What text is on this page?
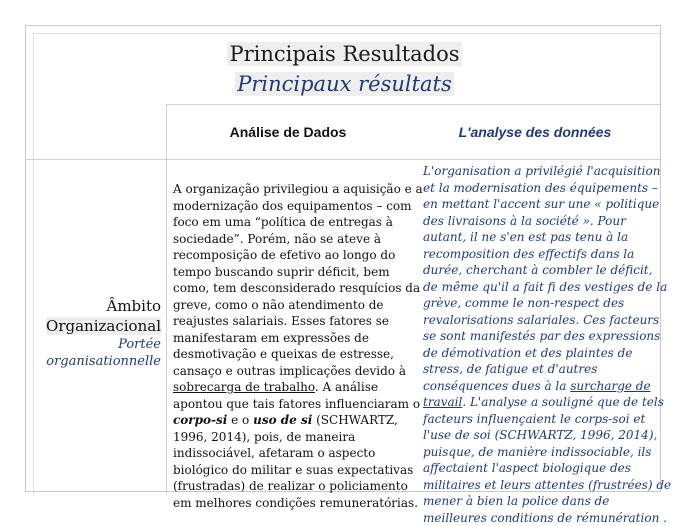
Principais Resultados
Principaux résultats
Análise de Dados	L'analyse des données
Âmbito
Organizacional
Portée
organisationnelle
A organização privilegiou a aquisição e a
modernização dos equipamentos – com
foco em uma “política de entregas à
sociedade”. Porém, não se ateve à
recomposição de efetivo ao longo do
tempo buscando suprir déficit, bem
como, tem desconsiderado resquícios da
greve, como o não atendimento de
reajustes salariais. Esses fatores se
manifestaram em expressões de
desmotivação e queixas de estresse,
cansaço e outras implicações devido à
sobrecarga de trabalho. A análise
apontou que tais fatores influenciaram o
corpo-si e o uso de si (SCHWARTZ,
1996, 2014), pois, de maneira
indissociável, afetaram o aspecto
biológico do militar e suas expectativas
(frustradas) de realizar o policiamento
em melhores condições remuneratórias.
L'organisation a privilégié l'acquisition
et la modernisation des équipements –
en mettant l'accent sur une « politique
des livraisons à la société ». Pour
autant, il ne s'en est pas tenu à la
recomposition des effectifs dans la
durée, cherchant à combler le déficit,
de même qu'il a fait fi des vestiges de la
grève, comme le non-respect des
revalorisations salariales. Ces facteurs
se sont manifestés par des expressions
de démotivation et des plaintes de
stress, de fatigue et d'autres
conséquences dues à la surcharge de
travail. L'analyse a souligné que de tels
facteurs influençaient le corps-soi et
l'use de soi (SCHWARTZ, 1996, 2014),
puisque, de manière indissociable, ils
affectaient l'aspect biologique des
militaires et leurs attentes (frustrées) de
mener à bien la police dans de
meilleures conditions de rémunération .
